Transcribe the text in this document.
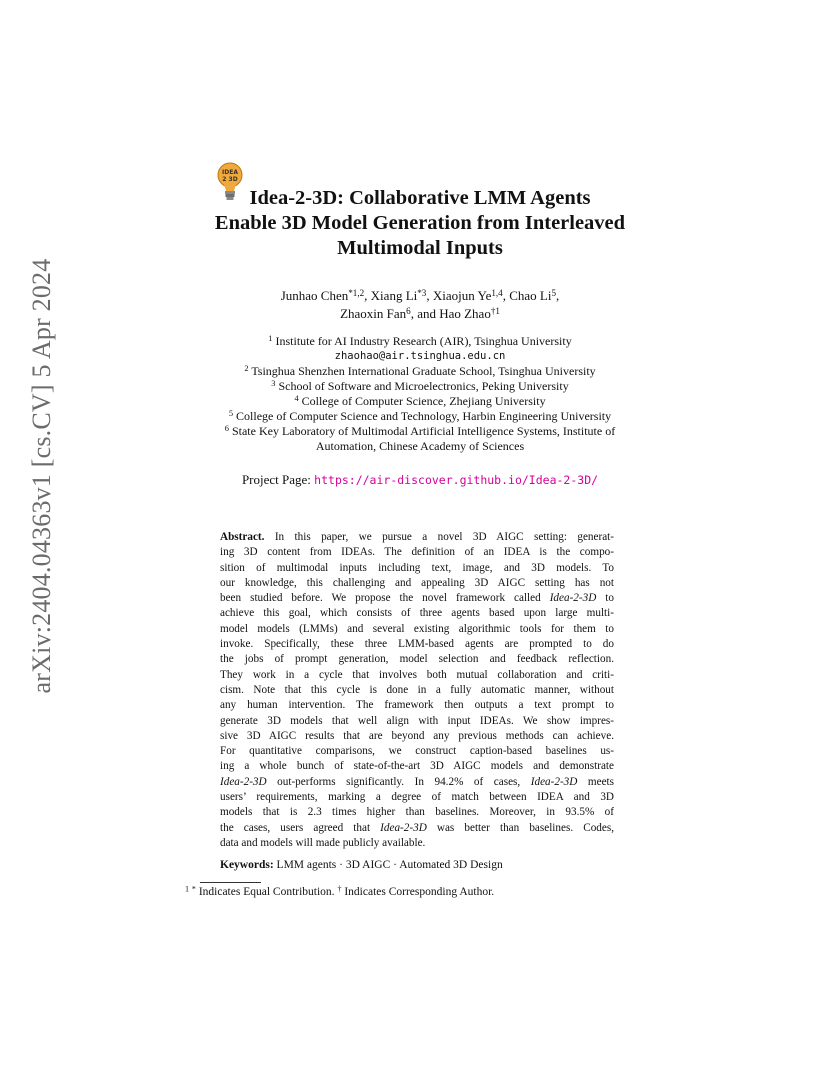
arXiv:2404.04363v1 [cs.CV] 5 Apr 2024
IDEA
2 3D
Idea-2-3D: Collaborative LMM Agents
Enable 3D Model Generation from Interleaved
Multimodal Inputs
Junhao Chen$^{*1,2}$, Xiang Li$^{*3}$, Xiaojun Ye$^{1,4}$, Chao Li$^5$,
Zhaoxin Fan$^6$, and Hao Zhao$^{\dagger 1}$
$^1$ Institute for AI Industry Research (AIR), Tsinghua University
zhaohao@air.tsinghua.edu.cn
$^2$ Tsinghua Shenzhen International Graduate School, Tsinghua University
$^3$ School of Software and Microelectronics, Peking University
$^4$ College of Computer Science, Zhejiang University
$^5$ College of Computer Science and Technology, Harbin Engineering University
$^6$ State Key Laboratory of Multimodal Artificial Intelligence Systems, Institute of
Automation, Chinese Academy of Sciences
Project Page: https://air-discover.github.io/Idea-2-3D/
Abstract. In this paper, we pursue a novel 3D AIGC setting: generat-
ing 3D content from IDEAs. The definition of an IDEA is the compo-
sition of multimodal inputs including text, image, and 3D models. To
our knowledge, this challenging and appealing 3D AIGC setting has not
been studied before. We propose the novel framework called Idea-2-3D to
achieve this goal, which consists of three agents based upon large multi-
model models (LMMs) and several existing algorithmic tools for them to
invoke. Specifically, these three LMM-based agents are prompted to do
the jobs of prompt generation, model selection and feedback reflection.
They work in a cycle that involves both mutual collaboration and criti-
cism. Note that this cycle is done in a fully automatic manner, without
any human intervention. The framework then outputs a text prompt to
generate 3D models that well align with input IDEAs. We show impres-
sive 3D AIGC results that are beyond any previous methods can achieve.
For quantitative comparisons, we construct caption-based baselines us-
ing a whole bunch of state-of-the-art 3D AIGC models and demonstrate
Idea-2-3D out-performs significantly. In 94.2% of cases, Idea-2-3D meets
users’ requirements, marking a degree of match between IDEA and 3D
models that is 2.3 times higher than baselines. Moreover, in 93.5% of
the cases, users agreed that Idea-2-3D was better than baselines. Codes,
data and models will made publicly available.
Keywords: LMM agents · 3D AIGC · Automated 3D Design
$^1$ * Indicates Equal Contribution. † Indicates Corresponding Author.
